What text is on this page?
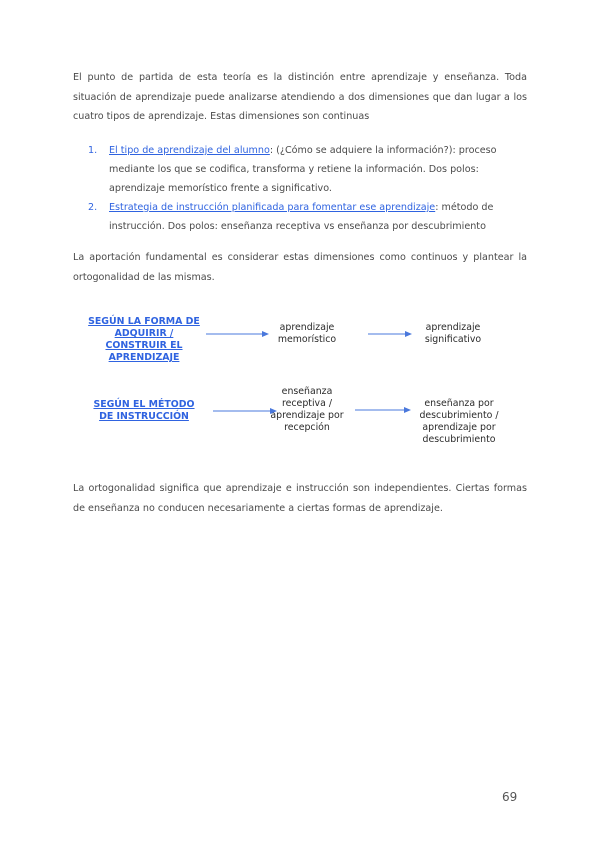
El punto de partida de esta teoría es la distinción entre aprendizaje y enseñanza. Toda situación de aprendizaje puede analizarse atendiendo a dos dimensiones que dan lugar a los cuatro tipos de aprendizaje. Estas dimensiones son continuas

1. El tipo de aprendizaje del alumno: (¿Cómo se adquiere la información?): proceso mediante los que se codifica, transforma y retiene la información. Dos polos: aprendizaje memorístico frente a significativo.
2. Estrategia de instrucción planificada para fomentar ese aprendizaje: método de instrucción. Dos polos: enseñanza receptiva vs enseñanza por descubrimiento

La aportación fundamental es considerar estas dimensiones como continuos y plantear la ortogonalidad de las mismas.

SEGÚN LA FORMA DE ADQUIRIR / CONSTRUIR EL APRENDIZAJE
aprendizaje memorístico
aprendizaje significativo
SEGÚN EL MÉTODO DE INSTRUCCIÓN
enseñanza receptiva / aprendizaje por recepción
enseñanza por descubrimiento / aprendizaje por descubrimiento

La ortogonalidad significa que aprendizaje e instrucción son independientes. Ciertas formas de enseñanza no conducen necesariamente a ciertas formas de aprendizaje.

69
